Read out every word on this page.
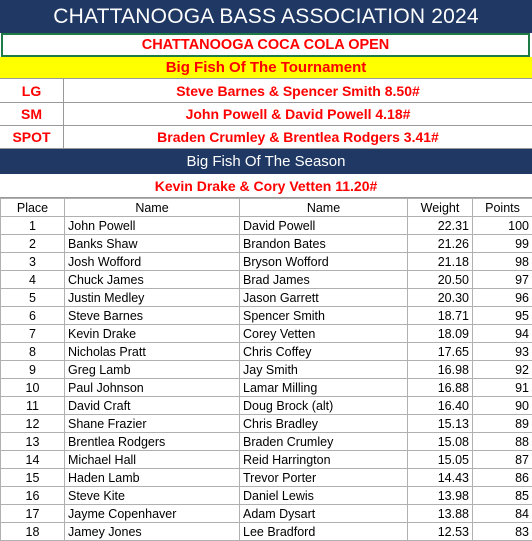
CHATTANOOGA BASS ASSOCIATION 2024
CHATTANOOGA COCA COLA OPEN
Big Fish Of The Tournament
LG	Steve Barnes & Spencer Smith 8.50#
SM	John Powell & David Powell 4.18#
SPOT	Braden Crumley & Brentlea Rodgers 3.41#
Big Fish Of The Season
Kevin Drake & Cory Vetten 11.20#
Place	Name	Name	Weight	Points
1	John Powell	David Powell	22.31	100
2	Banks Shaw	Brandon Bates	21.26	99
3	Josh Wofford	Bryson Wofford	21.18	98
4	Chuck James	Brad James	20.50	97
5	Justin Medley	Jason Garrett	20.30	96
6	Steve Barnes	Spencer Smith	18.71	95
7	Kevin Drake	Corey Vetten	18.09	94
8	Nicholas Pratt	Chris Coffey	17.65	93
9	Greg Lamb	Jay Smith	16.98	92
10	Paul Johnson	Lamar Milling	16.88	91
11	David Craft	Doug Brock (alt)	16.40	90
12	Shane Frazier	Chris Bradley	15.13	89
13	Brentlea Rodgers	Braden Crumley	15.08	88
14	Michael Hall	Reid Harrington	15.05	87
15	Haden Lamb	Trevor Porter	14.43	86
16	Steve Kite	Daniel Lewis	13.98	85
17	Jayme Copenhaver	Adam Dysart	13.88	84
18	Jamey Jones	Lee Bradford	12.53	83
